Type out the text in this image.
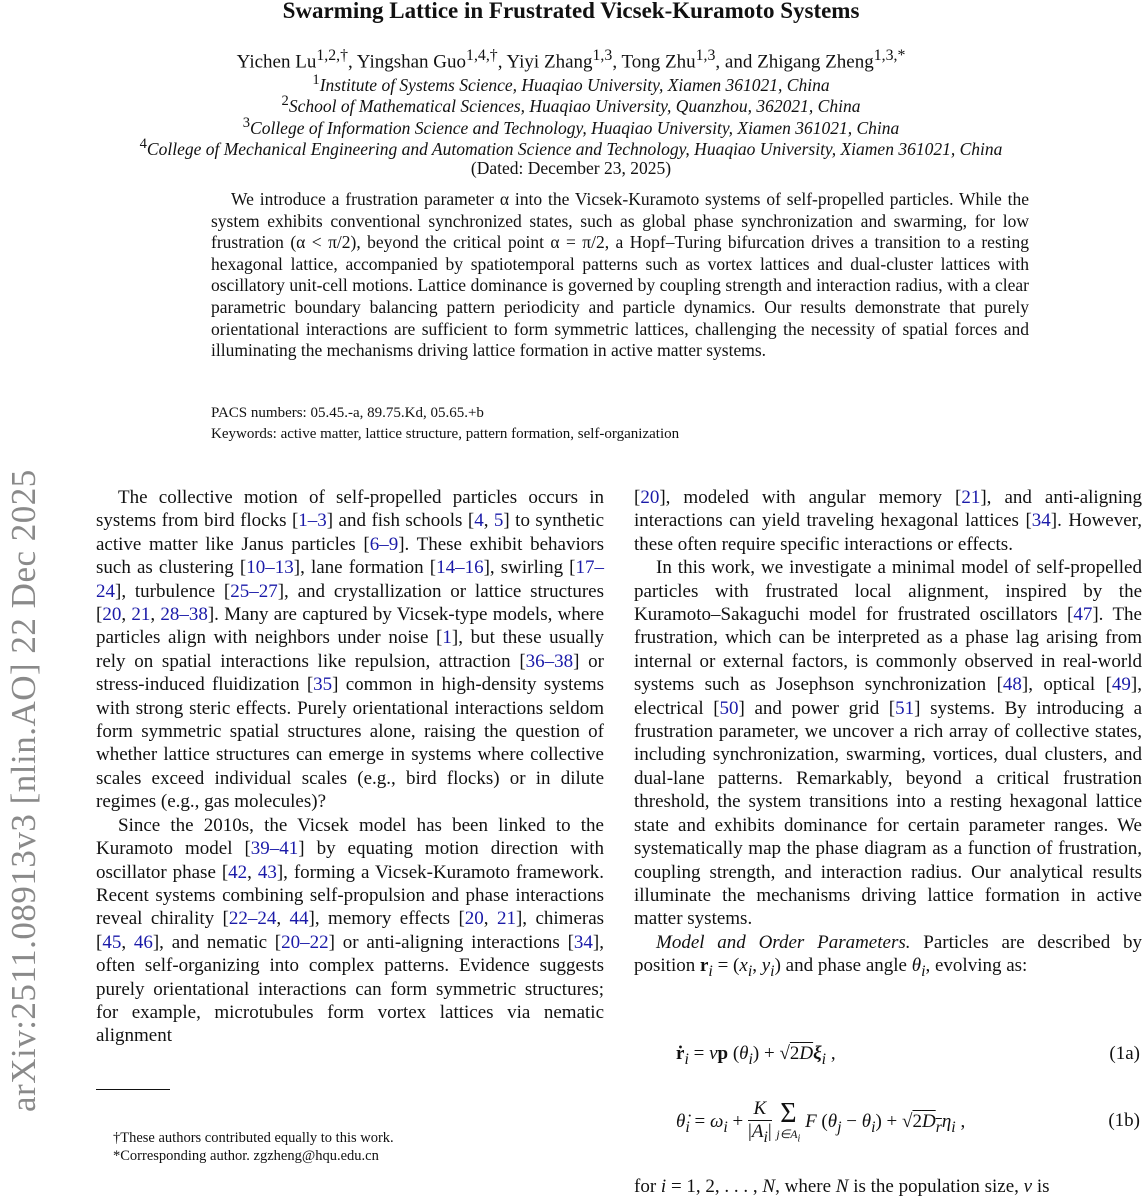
arXiv:2511.08913v3 [nlin.AO] 22 Dec 2025
Swarming Lattice in Frustrated Vicsek-Kuramoto Systems
Yichen $Lu^{1,2,\dagger}$, Yingshan Guo$^{1,4,\dagger}$, Yiyi Zhang$^{1,3}$, Tong Zhu$^{1,3}$, and Zhigang Zheng$^{1,3,*}$
$^1$Institute of Systems Science, Huaqiao University, Xiamen 361021, China
$^2$School of Mathematical Sciences, Huaqiao University, Quanzhou, 362021, China
$^3$College of Information Science and Technology, Huaqiao University, Xiamen 361021, China
$^4$College of Mechanical Engineering and Automation Science and Technology, Huaqiao University, Xiamen 361021, China
(Dated: December 23, 2025)
We introduce a frustration parameter α into the Vicsek-Kuramoto systems of self-propelled particles. While the system exhibits conventional synchronized states, such as global phase synchronization and swarming, for low frustration (α < π/2), beyond the critical point α = π/2, a Hopf–Turing bifurcation drives a transition to a resting hexagonal lattice, accompanied by spatiotemporal patterns such as vortex lattices and dual-cluster lattices with oscillatory unit-cell motions. Lattice dominance is governed by coupling strength and interaction radius, with a clear parametric boundary balancing pattern periodicity and particle dynamics. Our results demonstrate that purely orientational interactions are sufficient to form symmetric lattices, challenging the necessity of spatial forces and illuminating the mechanisms driving lattice formation in active matter systems.
PACS numbers: 05.45.-a, 89.75.Kd, 05.65.+b
Keywords: active matter, lattice structure, pattern formation, self-organization

The collective motion of self-propelled particles occurs in systems from bird flocks [1–3] and fish schools [4, 5] to synthetic active matter like Janus particles [6–9]. These exhibit behaviors such as clustering [10–13], lane formation [14–16], swirling [17–24], turbulence [25–27], and crystallization or lattice structures [20, 21, 28–38]. Many are captured by Vicsek-type models, where particles align with neighbors under noise [1], but these usually rely on spatial interactions like repulsion, attraction [36–38] or stress-induced fluidization [35] common in high-density systems with strong steric effects. Purely orientational interactions seldom form symmetric spatial structures alone, raising the question of whether lattice structures can emerge in systems where collective scales exceed individual scales (e.g., bird flocks) or in dilute regimes (e.g., gas molecules)?

Since the 2010s, the Vicsek model has been linked to the Kuramoto model [39–41] by equating motion direction with oscillator phase [42, 43], forming a Vicsek-Kuramoto framework. Recent systems combining self-propulsion and phase interactions reveal chirality [22–24, 44], memory effects [20, 21], chimeras [45, 46], and nematic [20–22] or anti-aligning interactions [34], often self-organizing into complex patterns. Evidence suggests purely orientational interactions can form symmetric structures; for example, microtubules form vortex lattices via nematic alignment

[20], modeled with angular memory [21], and anti-aligning interactions can yield traveling hexagonal lattices [34]. However, these often require specific interactions or effects.

In this work, we investigate a minimal model of self-propelled particles with frustrated local alignment, inspired by the Kuramoto–Sakaguchi model for frustrated oscillators [47]. The frustration, which can be interpreted as a phase lag arising from internal or external factors, is commonly observed in real-world systems such as Josephson synchronization [48], optical [49], electrical [50] and power grid [51] systems. By introducing a frustration parameter, we uncover a rich array of collective states, including synchronization, swarming, vortices, dual clusters, and dual-lane patterns. Remarkably, beyond a critical frustration threshold, the system transitions into a resting hexagonal lattice state and exhibits dominance for certain parameter ranges. We systematically map the phase diagram as a function of frustration, coupling strength, and interaction radius. Our analytical results illuminate the mechanisms driving lattice formation in active matter systems.

Model and Order Parameters. Particles are described by position $r_i = (x_i$, $y_i$) and phase angle $\theta_i$, evolving as:

ṙ$_i$ = vp $(\theta_i) + √2D\xi_i$ ,	(1a)
$\thetȧ_i = \omega_i + \frac{K}{|A_i|}$
Σ
$j\in A_i$
F $(\theta_j - \theta_i) + √2D_r\eta_i$ ,	(1b)
for i = 1, 2, . . . , N, where N is the population size, v is
†These authors contributed equally to this work.
*Corresponding author. zgzheng@hqu.edu.cn
